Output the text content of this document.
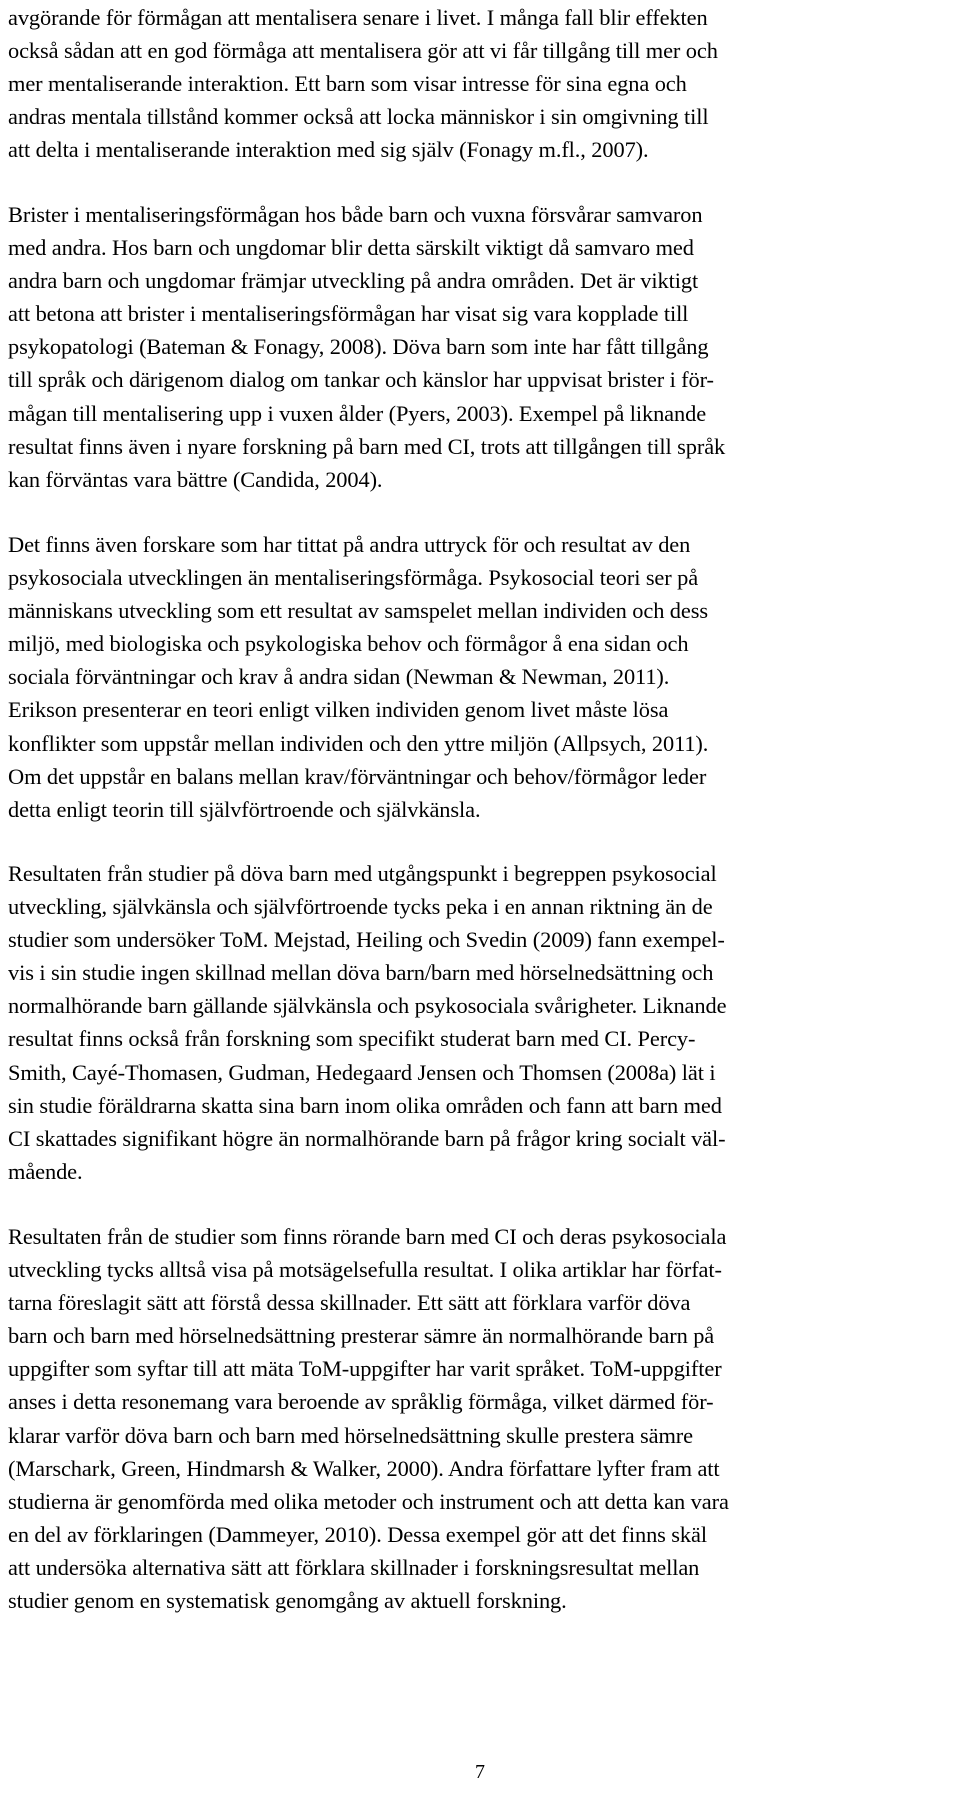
avgörande för förmågan att mentalisera senare i livet. I många fall blir effekten
också sådan att en god förmåga att mentalisera gör att vi får tillgång till mer och
mer mentaliserande interaktion. Ett barn som visar intresse för sina egna och
andras mentala tillstånd kommer också att locka människor i sin omgivning till
att delta i mentaliserande interaktion med sig själv (Fonagy m.fl., 2007).
Brister i mentaliseringsförmågan hos både barn och vuxna försvårar samvaron
med andra. Hos barn och ungdomar blir detta särskilt viktigt då samvaro med
andra barn och ungdomar främjar utveckling på andra områden. Det är viktigt
att betona att brister i mentaliseringsförmågan har visat sig vara kopplade till
psykopatologi (Bateman & Fonagy, 2008). Döva barn som inte har fått tillgång
till språk och därigenom dialog om tankar och känslor har uppvisat brister i för-
mågan till mentalisering upp i vuxen ålder (Pyers, 2003). Exempel på liknande
resultat finns även i nyare forskning på barn med CI, trots att tillgången till språk
kan förväntas vara bättre (Candida, 2004).
Det finns även forskare som har tittat på andra uttryck för och resultat av den
psykosociala utvecklingen än mentaliseringsförmåga. Psykosocial teori ser på
människans utveckling som ett resultat av samspelet mellan individen och dess
miljö, med biologiska och psykologiska behov och förmågor å ena sidan och
sociala förväntningar och krav å andra sidan (Newman & Newman, 2011).
Erikson presenterar en teori enligt vilken individen genom livet måste lösa
konflikter som uppstår mellan individen och den yttre miljön (Allpsych, 2011).
Om det uppstår en balans mellan krav/förväntningar och behov/förmågor leder
detta enligt teorin till självförtroende och självkänsla.
Resultaten från studier på döva barn med utgångspunkt i begreppen psykosocial
utveckling, självkänsla och självförtroende tycks peka i en annan riktning än de
studier som undersöker ToM. Mejstad, Heiling och Svedin (2009) fann exempel-
vis i sin studie ingen skillnad mellan döva barn/barn med hörselnedsättning och
normalhörande barn gällande självkänsla och psykosociala svårigheter. Liknande
resultat finns också från forskning som specifikt studerat barn med CI. Percy-
Smith, Cayé-Thomasen, Gudman, Hedegaard Jensen och Thomsen (2008a) lät i
sin studie föräldrarna skatta sina barn inom olika områden och fann att barn med
CI skattades signifikant högre än normalhörande barn på frågor kring socialt väl-
mående.
Resultaten från de studier som finns rörande barn med CI och deras psykosociala
utveckling tycks alltså visa på motsägelsefulla resultat. I olika artiklar har förfat-
tarna föreslagit sätt att förstå dessa skillnader. Ett sätt att förklara varför döva
barn och barn med hörselnedsättning presterar sämre än normalhörande barn på
uppgifter som syftar till att mäta ToM-uppgifter har varit språket. ToM-uppgifter
anses i detta resonemang vara beroende av språklig förmåga, vilket därmed för-
klarar varför döva barn och barn med hörselnedsättning skulle prestera sämre
(Marschark, Green, Hindmarsh & Walker, 2000). Andra författare lyfter fram att
studierna är genomförda med olika metoder och instrument och att detta kan vara
en del av förklaringen (Dammeyer, 2010). Dessa exempel gör att det finns skäl
att undersöka alternativa sätt att förklara skillnader i forskningsresultat mellan
studier genom en systematisk genomgång av aktuell forskning.
7
